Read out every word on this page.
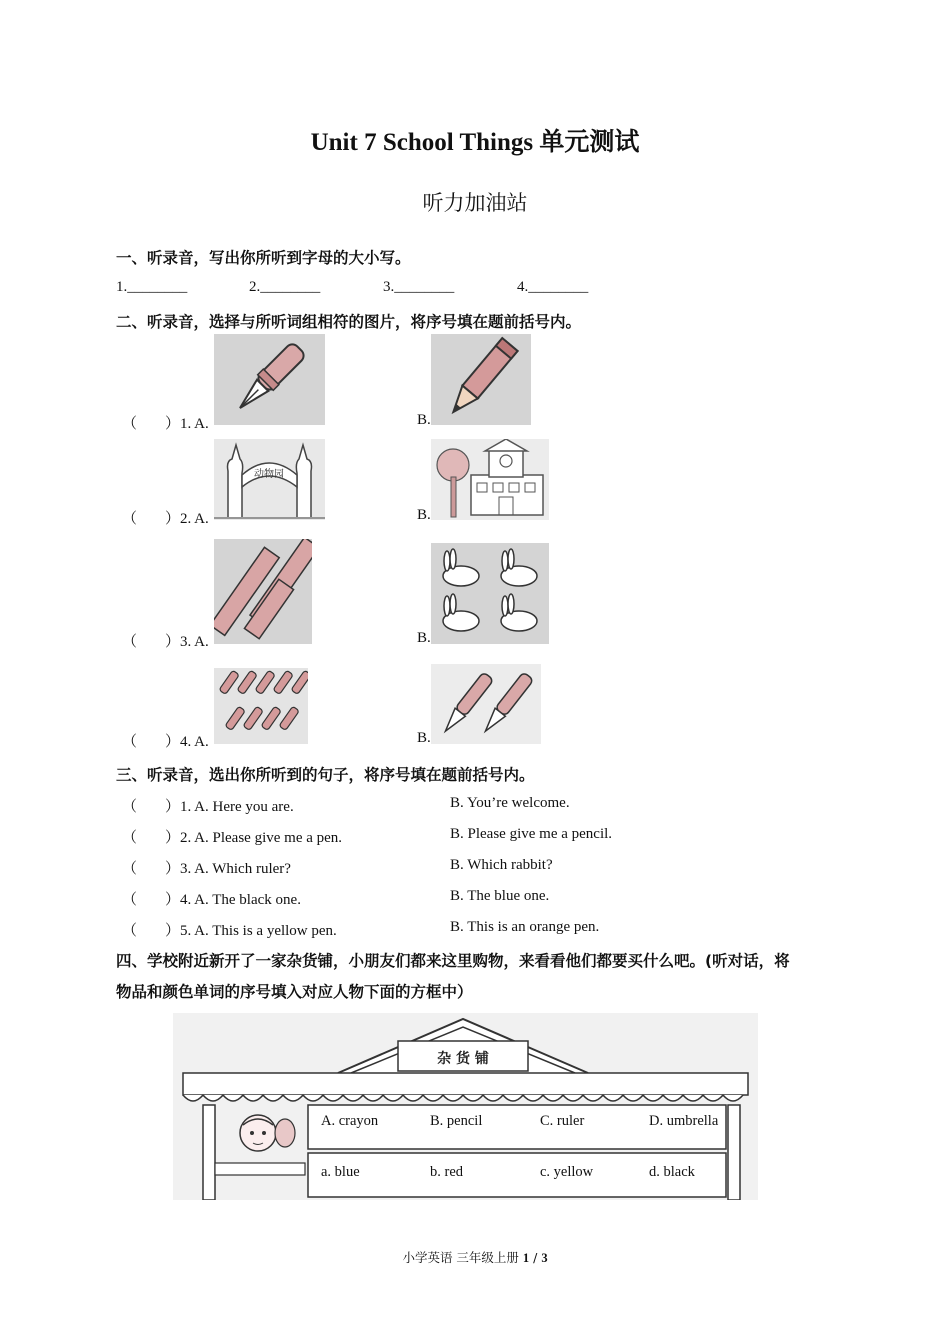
Unit 7 School Things 单元测试
听力加油站
一、听录音，写出你所听到字母的大小写。
1.________	2.________	3.________	4.________
二、听录音，选择与所听词组相符的图片，将序号填在题前括号内。
（ ）1. A.	B.
（ ）2. A.	B.
动物园
（ ）3. A.	B.
（ ）4. A.	B.
三、听录音，选出你所听到的句子，将序号填在题前括号内。
（ ）1. A. Here you are.	B. You’re welcome.
（ ）2. A. Please give me a pen.	B. Please give me a pencil.
（ ）3. A. Which ruler?	B. Which rabbit?
（ ）4. A. The black one.	B. The blue one.
（ ）5. A. This is a yellow pen.	B. This is an orange pen.
四、学校附近新开了一家杂货铺，小朋友们都来这里购物，来看看他们都要买什么吧。(听对话，将
物品和颜色单词的序号填入对应人物下面的方框中）
杂 货 铺
A. crayon	B. pencil	C. ruler	D. umbrella
a. blue	b. red	c. yellow	d. black
小学英语 三年级上册 1 / 3
